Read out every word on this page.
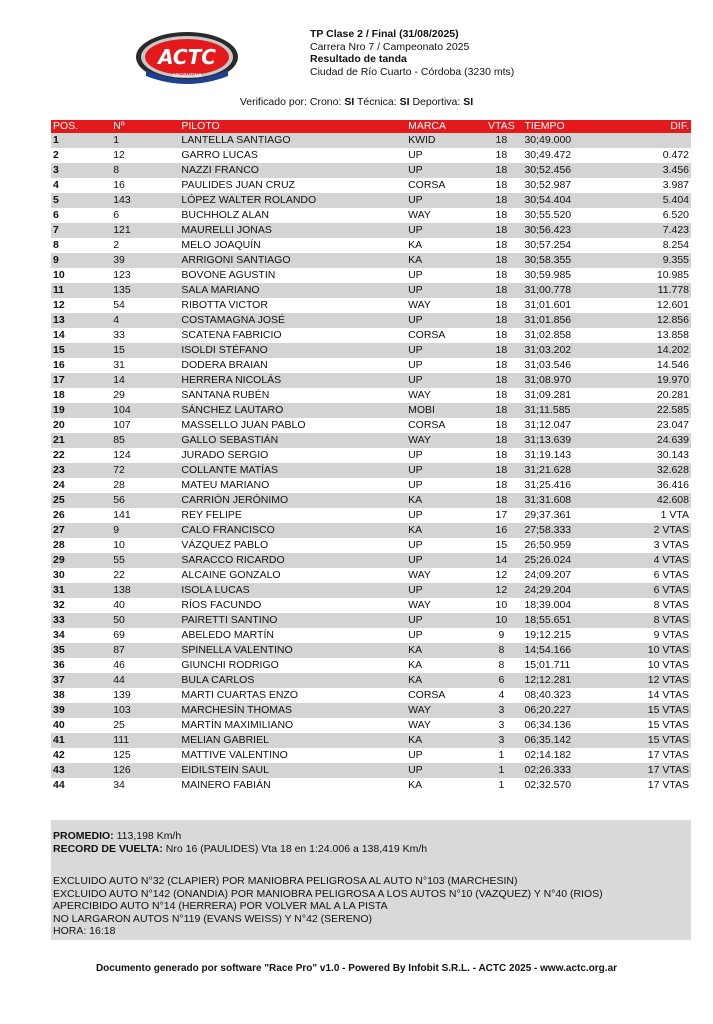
ACTC
ARGENTINA
TP Clase 2 / Final (31/08/2025)
Carrera Nro 7 / Campeonato 2025
Resultado de tanda
Ciudad de Río Cuarto - Córdoba (3230 mts)
Verificado por: Crono: SI Técnica: SI Deportiva: SI
POS.	Nº	PILOTO	MARCA	VTAS	TIEMPO	DIF.
1	1	LANTELLA SANTIAGO	KWID	18	30;49.000	
2	12	GARRO LUCAS	UP	18	30;49.472	0.472
3	8	NAZZI FRANCO	UP	18	30;52.456	3.456
4	16	PAULIDES JUAN CRUZ	CORSA	18	30;52.987	3.987
5	143	LÓPEZ WALTER ROLANDO	UP	18	30;54.404	5.404
6	6	BUCHHOLZ ALAN	WAY	18	30;55.520	6.520
7	121	MAURELLI JONAS	UP	18	30;56.423	7.423
8	2	MELO JOAQUÍN	KA	18	30;57.254	8.254
9	39	ARRIGONI SANTIAGO	KA	18	30;58.355	9.355
10	123	BOVONE AGUSTIN	UP	18	30;59.985	10.985
11	135	SALA MARIANO	UP	18	31;00.778	11.778
12	54	RIBOTTA VICTOR	WAY	18	31;01.601	12.601
13	4	COSTAMAGNA JOSÉ	UP	18	31;01.856	12.856
14	33	SCATENA FABRICIO	CORSA	18	31;02.858	13.858
15	15	ISOLDI STÉFANO	UP	18	31;03.202	14.202
16	31	DODERA BRAIAN	UP	18	31;03.546	14.546
17	14	HERRERA NICOLÁS	UP	18	31;08.970	19.970
18	29	SANTANA RUBÉN	WAY	18	31;09.281	20.281
19	104	SÁNCHEZ LAUTARO	MOBI	18	31;11.585	22.585
20	107	MASSELLO JUAN PABLO	CORSA	18	31;12.047	23.047
21	85	GALLO SEBASTIÁN	WAY	18	31;13.639	24.639
22	124	JURADO SERGIO	UP	18	31;19.143	30.143
23	72	COLLANTE MATÍAS	UP	18	31;21.628	32.628
24	28	MATEU MARIANO	UP	18	31;25.416	36.416
25	56	CARRIÓN JERÓNIMO	KA	18	31;31.608	42.608
26	141	REY FELIPE	UP	17	29;37.361	1 VTA
27	9	CALO FRANCISCO	KA	16	27;58.333	2 VTAS
28	10	VÁZQUEZ PABLO	UP	15	26;50.959	3 VTAS
29	55	SARACCO RICARDO	UP	14	25;26.024	4 VTAS
30	22	ALCAINE GONZALO	WAY	12	24;09.207	6 VTAS
31	138	ISOLA LUCAS	UP	12	24;29.204	6 VTAS
32	40	RÍOS FACUNDO	WAY	10	18;39.004	8 VTAS
33	50	PAIRETTI SANTINO	UP	10	18;55.651	8 VTAS
34	69	ABELEDO MARTÍN	UP	9	19;12.215	9 VTAS
35	87	SPINELLA VALENTINO	KA	8	14;54.166	10 VTAS
36	46	GIUNCHI RODRIGO	KA	8	15;01.711	10 VTAS
37	44	BULA CARLOS	KA	6	12;12.281	12 VTAS
38	139	MARTI CUARTAS ENZO	CORSA	4	08;40.323	14 VTAS
39	103	MARCHESÍN THOMAS	WAY	3	06;20.227	15 VTAS
40	25	MARTÍN MAXIMILIANO	WAY	3	06;34.136	15 VTAS
41	111	MELIAN GABRIEL	KA	3	06;35.142	15 VTAS
42	125	MATTIVE VALENTINO	UP	1	02;14.182	17 VTAS
43	126	EIDILSTEIN SAUL	UP	1	02;26.333	17 VTAS
44	34	MAINERO FABIÁN	KA	1	02;32.570	17 VTAS
PROMEDIO: 113,198 Km/h
RECORD DE VUELTA: Nro 16 (PAULIDES) Vta 18 en 1:24.006 a 138,419 Km/h
EXCLUIDO AUTO N°32 (CLAPIER) POR MANIOBRA PELIGROSA AL AUTO N°103 (MARCHESIN)
EXCLUIDO AUTO N°142 (ONANDIA) POR MANIOBRA PELIGROSA A LOS AUTOS N°10 (VAZQUEZ) Y N°40 (RIOS)
APERCIBIDO AUTO N°14 (HERRERA) POR VOLVER MAL A LA PISTA
NO LARGARON AUTOS N°119 (EVANS WEISS) Y N°42 (SERENO)
HORA: 16:18
Documento generado por software "Race Pro" v1.0 - Powered By Infobit S.R.L. - ACTC 2025 - www.actc.org.ar
